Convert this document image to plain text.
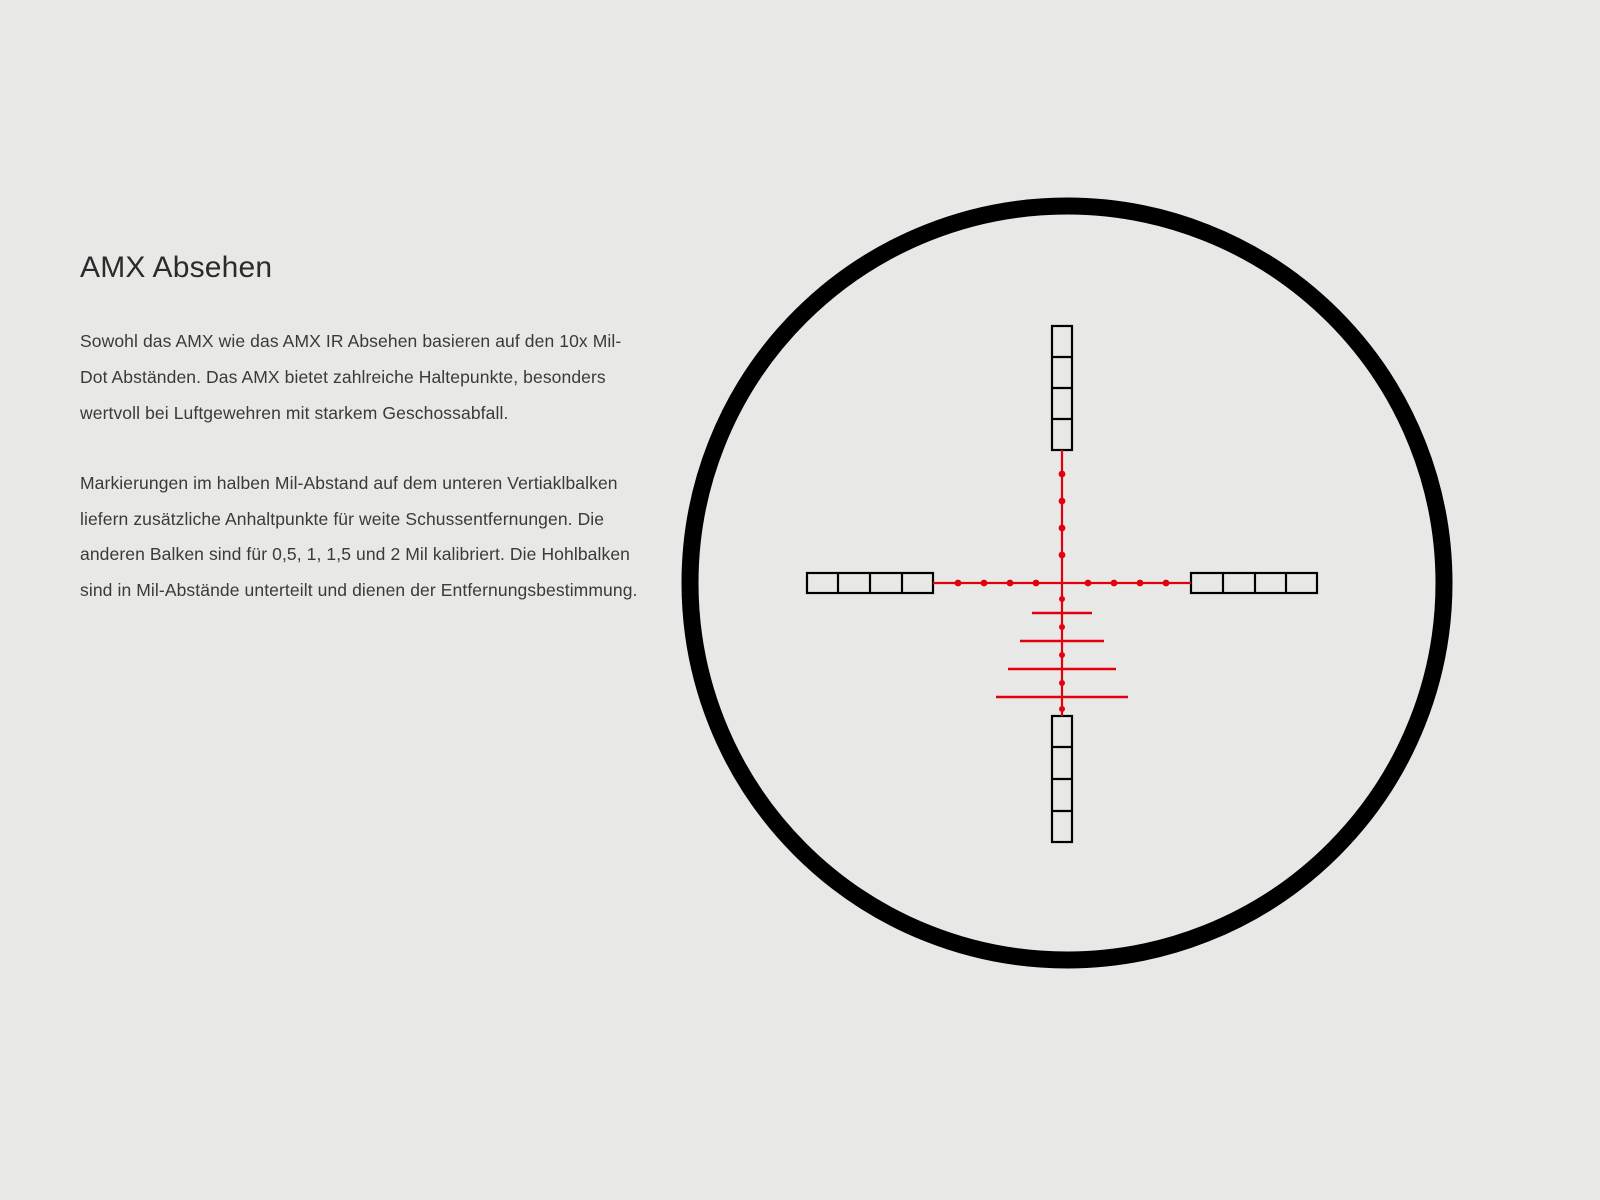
AMX Absehen

Sowohl das AMX wie das AMX IR Absehen basieren auf den 10x Mil-Dot Abständen. Das AMX bietet zahlreiche Haltepunkte, besonders wertvoll bei Luftgewehren mit starkem Geschossabfall.

Markierungen im halben Mil-Abstand auf dem unteren Vertiaklbalken liefern zusätzliche Anhaltpunkte für weite Schussentfernungen. Die anderen Balken sind für 0,5, 1, 1,5 und 2 Mil kalibriert. Die Hohlbalken sind in Mil-Abstände unterteilt und dienen der Entfernungsbestimmung.
